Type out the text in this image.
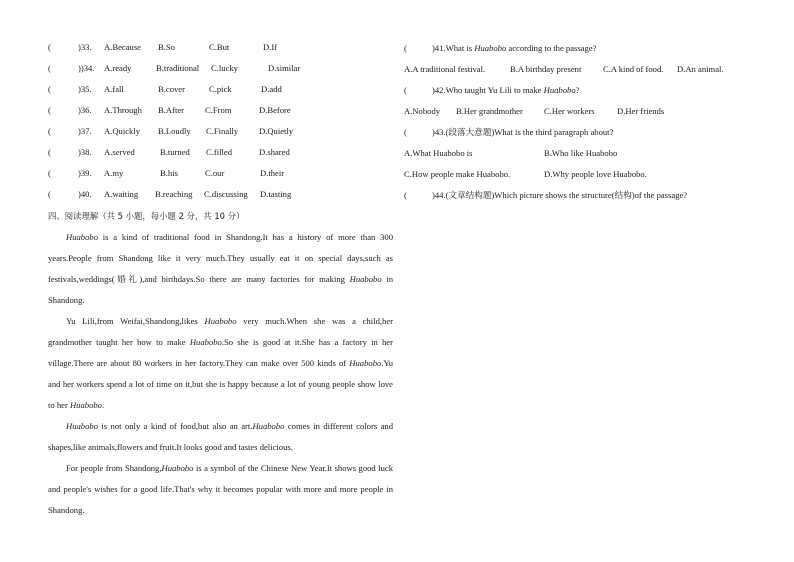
(	)33. A.Because B.So	C.But	D.If
(	))34. A.ready	B.traditional C.lucky	D.similar
(	)35. A.fall	B.cover	C.pick	D.add
(	)36. A.Through B.After C.From	D.Before
(	)37. A.Quickly B.Loudly C.Finally D.Quietly
(	)38. A.served	B.turned C.filled	D.shared
(	)39. A.my	B.his	C.our	D.their
(	)40. A.waiting B.reaching C.discussing D.tasting
四、阅读理解（共 5 小题，每小题 2 分，共 10 分）

Huabobo is a kind of traditional food in Shandong.It has a history of more than 300 years.People from Shandong like it very much.They usually eat it on special days,such as festivals,weddings(婚礼),and birthdays.So there are many factories for making Huabobo in Shandong.

Yu Lili,from Weifai,Shandong,likes Huabobo very much.When she was a child,her grandmother taught her how to make Huabobo.So she is good at it.She has a factory in her village.There are about 80 workers in her factory.They can make over 500 kinds of Huabobo.Yu and her workers spend a lot of time on it,but she is happy because a lot of young people show love to her Huabobo.

Huabobo is not only a kind of food,but also an art.Huabobo comes in different colors and shapes,like animals,flowers and fruit.It looks good and tastes delicious.

For people from Shandong,Huabobo is a symbol of the Chinese New Year.It shows good luck and people's wishes for a good life.That's why it becomes popular with more and more people in Shandong.

(	)41.What is Huabobo according to the passage?
A.A traditional festival.	B.A birthday present	C.A kind of food. D.An animal.
(	)42.Who taught Yu Lili to make Huabobo?
A.Nobody B.Her grandmother C.Her workers	D.Her friends
(	)43.(段落大意题)What is the third paragraph about?
A.What Huabobo is	B.Who like Huabobo
C.How people make Huabobo.	D.Why people love Huabobo.
(	)44.(文章结构题)Which picture shows the structure(结构)of the passage?
